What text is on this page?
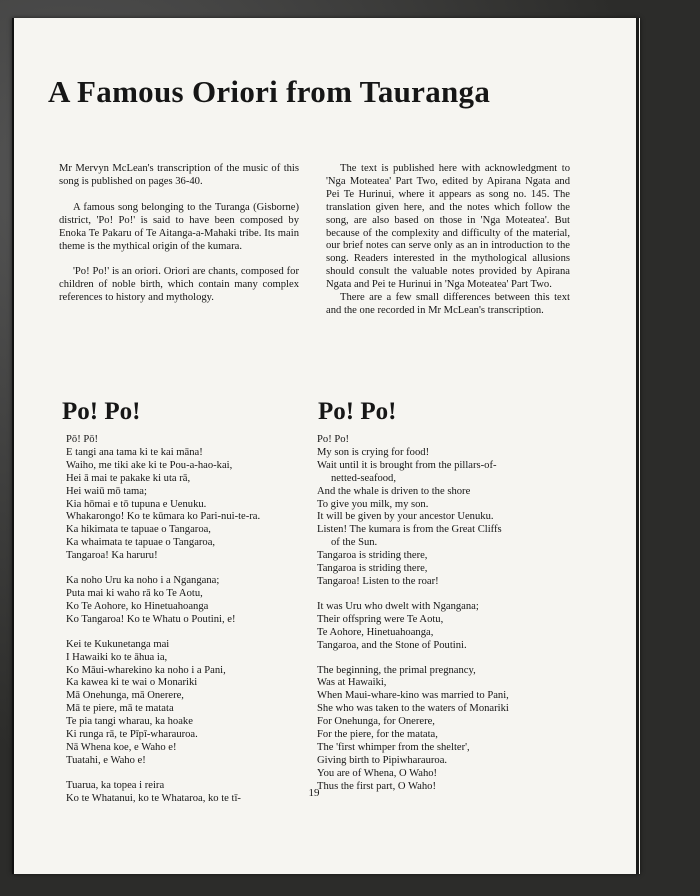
A Famous Oriori from Tauranga

Mr Mervyn McLean's transcription of the music of this song is published on pages 36-40.

A famous song belonging to the Turanga (Gisborne) district, 'Po! Po!' is said to have been composed by Enoka Te Pakaru of Te Aitanga-a-Mahaki tribe. Its main theme is the mythical origin of the kumara.

'Po! Po!' is an oriori. Oriori are chants, composed for children of noble birth, which contain many complex references to history and mythology.

The text is published here with acknowledgment to 'Nga Moteatea' Part Two, edited by Apirana Ngata and Pei Te Hurinui, where it appears as song no. 145. The translation given here, and the notes which follow the song, are also based on those in 'Nga Moteatea'. But because of the complexity and difficulty of the material, our brief notes can serve only as an in introduction to the song. Readers interested in the mythological allusions should consult the valuable notes provided by Apirana Ngata and Pei te Hurinui in 'Nga Moteatea' Part Two.

There are a few small differences between this text and the one recorded in Mr McLean's transcription.

Po! Po!	Po! Po!
Pō! Pō!
E tangi ana tama ki te kai māna!
Waiho, me tiki ake ki te Pou-a-hao-kai,
Hei ā mai te pakake ki uta rā,
Hei waiū mō tama;
Kia hōmai e tō tupuna e Uenuku.
Whakarongo! Ko te kūmara ko Pari-nui-te-ra.
Ka hikimata te tapuae o Tangaroa,
Ka whaimata te tapuae o Tangaroa,
Tangaroa! Ka haruru!
Ka noho Uru ka noho i a Ngangana;
Puta mai ki waho rā ko Te Aotu,
Ko Te Aohore, ko Hinetuahoanga
Ko Tangaroa! Ko te Whatu o Poutini, e!
Kei te Kukunetanga mai
I Hawaiki ko te āhua ia,
Ko Māui-wharekino ka noho i a Pani,
Ka kawea ki te wai o Monariki
Mā Onehunga, mā Onerere,
Mā te piere, mā te matata
Te pia tangi wharau, ka hoake
Ki runga rā, te Pīpī-wharauroa.
Nā Whena koe, e Waho e!
Tuatahi, e Waho e!
Tuarua, ka topea i reira
Ko te Whatanui, ko te Whataroa, ko te tī-
Po! Po!
My son is crying for food!
Wait until it is brought from the pillars-of-
netted-seafood,
And the whale is driven to the shore
To give you milk, my son.
It will be given by your ancestor Uenuku.
Listen! The kumara is from the Great Cliffs
of the Sun.
Tangaroa is striding there,
Tangaroa is striding there,
Tangaroa! Listen to the roar!
It was Uru who dwelt with Ngangana;
Their offspring were Te Aotu,
Te Aohore, Hinetuahoanga,
Tangaroa, and the Stone of Poutini.
The beginning, the primal pregnancy,
Was at Hawaiki,
When Maui-whare-kino was married to Pani,
She who was taken to the waters of Monariki
For Onehunga, for Onerere,
For the piere, for the matata,
The 'first whimper from the shelter',
Giving birth to Pipiwharauroa.
You are of Whena, O Waho!
Thus the first part, O Waho!
19
